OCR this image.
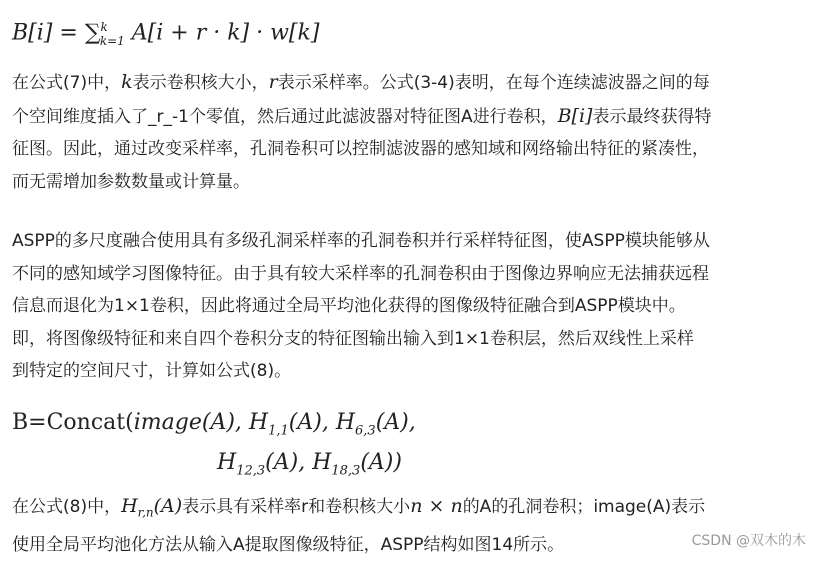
B[i] = ∑$^k_{k=1}$ A[i + r · k] · w[k]

在公式(7)中，k表示卷积核大小，r表示采样率。公式(3-4)表明，在每个连续滤波器之间的每
个空间维度插入了_r_-1个零值，然后通过此滤波器对特征图A进行卷积，B[i]表示最终获得特
征图。因此，通过改变采样率，孔洞卷积可以控制滤波器的感知域和网络输出特征的紧凑性，
而无需增加参数数量或计算量。

ASPP的多尺度融合使用具有多级孔洞采样率的孔洞卷积并行采样特征图，使ASPP模块能够从
不同的感知域学习图像特征。由于具有较大采样率的孔洞卷积由于图像边界响应无法捕获远程
信息而退化为1×1卷积，因此将通过全局平均池化获得的图像级特征融合到ASPP模块中。
即，将图像级特征和来自四个卷积分支的特征图输出输入到1×1卷积层，然后双线性上采样
到特定的空间尺寸，计算如公式(8)。

B=Concat(image(A), $H_{1,1}(A)$, $H_{6,3}(A)$,
$H_{12,3}(A)$, $H_{18,3}(A)$)

在公式(8)中，$H_{r,n}(A)$表示具有采样率r和卷积核大小n × n的A的孔洞卷积；image(A)表示
使用全局平均池化方法从输入A提取图像级特征，ASPP结构如图14所示。	CSDN @双木的木
